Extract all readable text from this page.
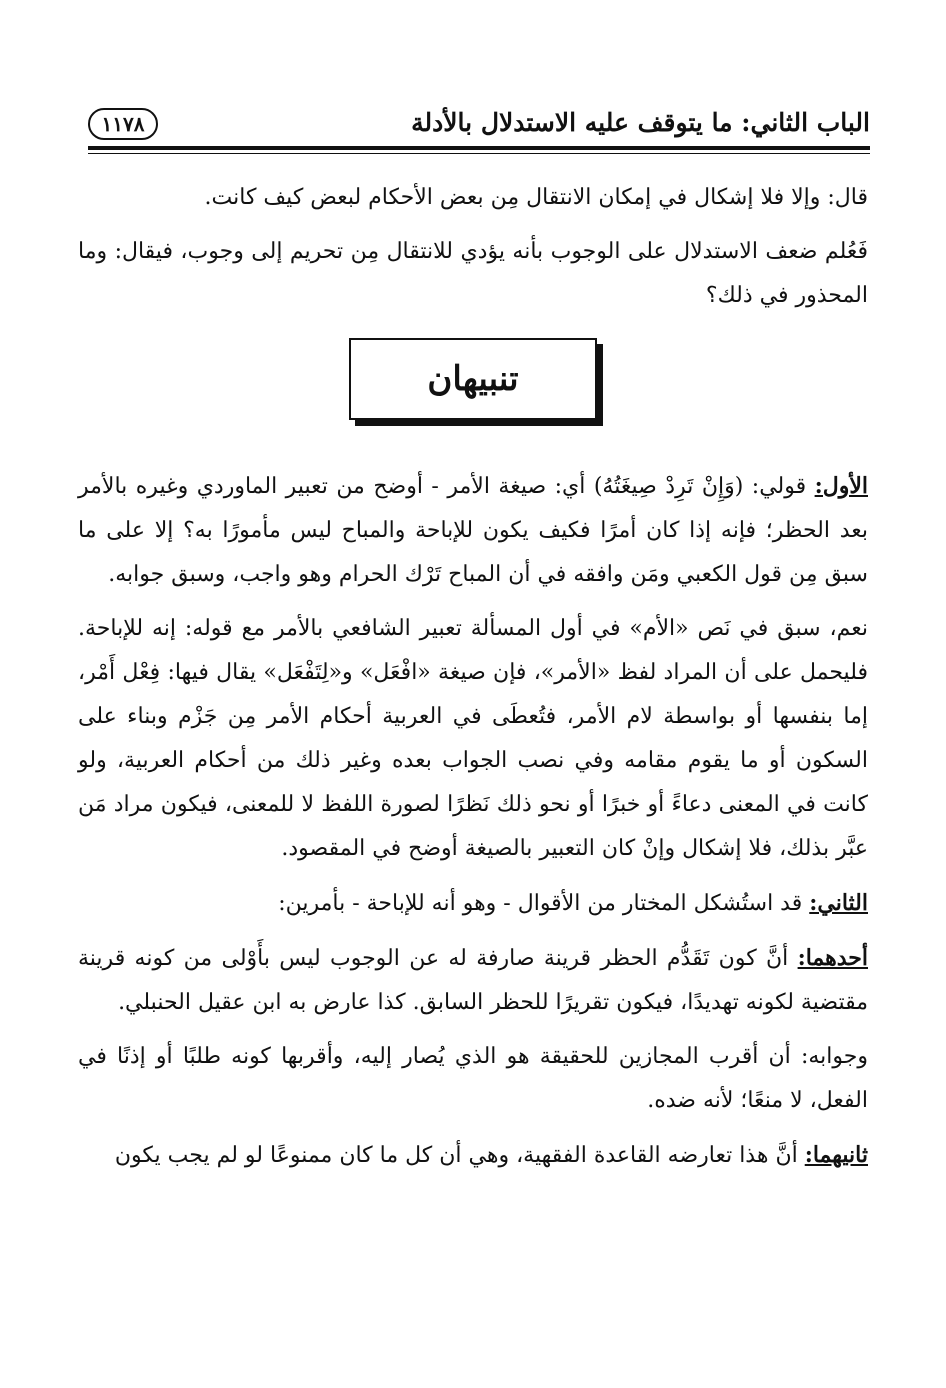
الباب الثاني: ما يتوقف عليه الاستدلال بالأدلة
١١٧٨

قال: وإلا فلا إشكال في إمكان الانتقال مِن بعض الأحكام لبعض كيف كانت.

فَعُلم ضعف الاستدلال على الوجوب بأنه يؤدي للانتقال مِن تحريم إلى وجوب، فيقال: وما المحذور في ذلك؟

تنبيهان

الأول: قولي: (وَإِنْ تَرِدْ صِيغَتُهُ) أي: صيغة الأمر - أوضح من تعبير الماوردي وغيره بالأمر بعد الحظر؛ فإنه إذا كان أمرًا فكيف يكون للإباحة والمباح ليس مأمورًا به؟ إلا على ما سبق مِن قول الكعبي ومَن وافقه في أن المباح تَرْك الحرام وهو واجب، وسبق جوابه.

نعم، سبق في نَص «الأم» في أول المسألة تعبير الشافعي بالأمر مع قوله: إنه للإباحة. فليحمل على أن المراد لفظ «الأمر»، فإن صيغة «افْعَل» و«لِتَفْعَل» يقال فيها: فِعْل أَمْر، إما بنفسها أو بواسطة لام الأمر، فتُعطَى في العربية أحكام الأمر مِن جَزْم وبناء على السكون أو ما يقوم مقامه وفي نصب الجواب بعده وغير ذلك من أحكام العربية، ولو كانت في المعنى دعاءً أو خبرًا أو نحو ذلك نَظرًا لصورة اللفظ لا للمعنى، فيكون مراد مَن عبَّر بذلك، فلا إشكال وإنْ كان التعبير بالصيغة أوضح في المقصود.

الثاني: قد استُشكل المختار من الأقوال - وهو أنه للإباحة - بأمرين:

أحدهما: أنَّ كون تَقَدُّم الحظر قرينة صارفة له عن الوجوب ليس بأَوْلى من كونه قرينة مقتضية لكونه تهديدًا، فيكون تقريرًا للحظر السابق. كذا عارض به ابن عقيل الحنبلي.

وجوابه: أن أقرب المجازين للحقيقة هو الذي يُصار إليه، وأقربها كونه طلبًا أو إذنًا في الفعل، لا منعًا؛ لأنه ضده.

ثانيهما: أنَّ هذا تعارضه القاعدة الفقهية، وهي أن كل ما كان ممنوعًا لو لم يجب يكون
